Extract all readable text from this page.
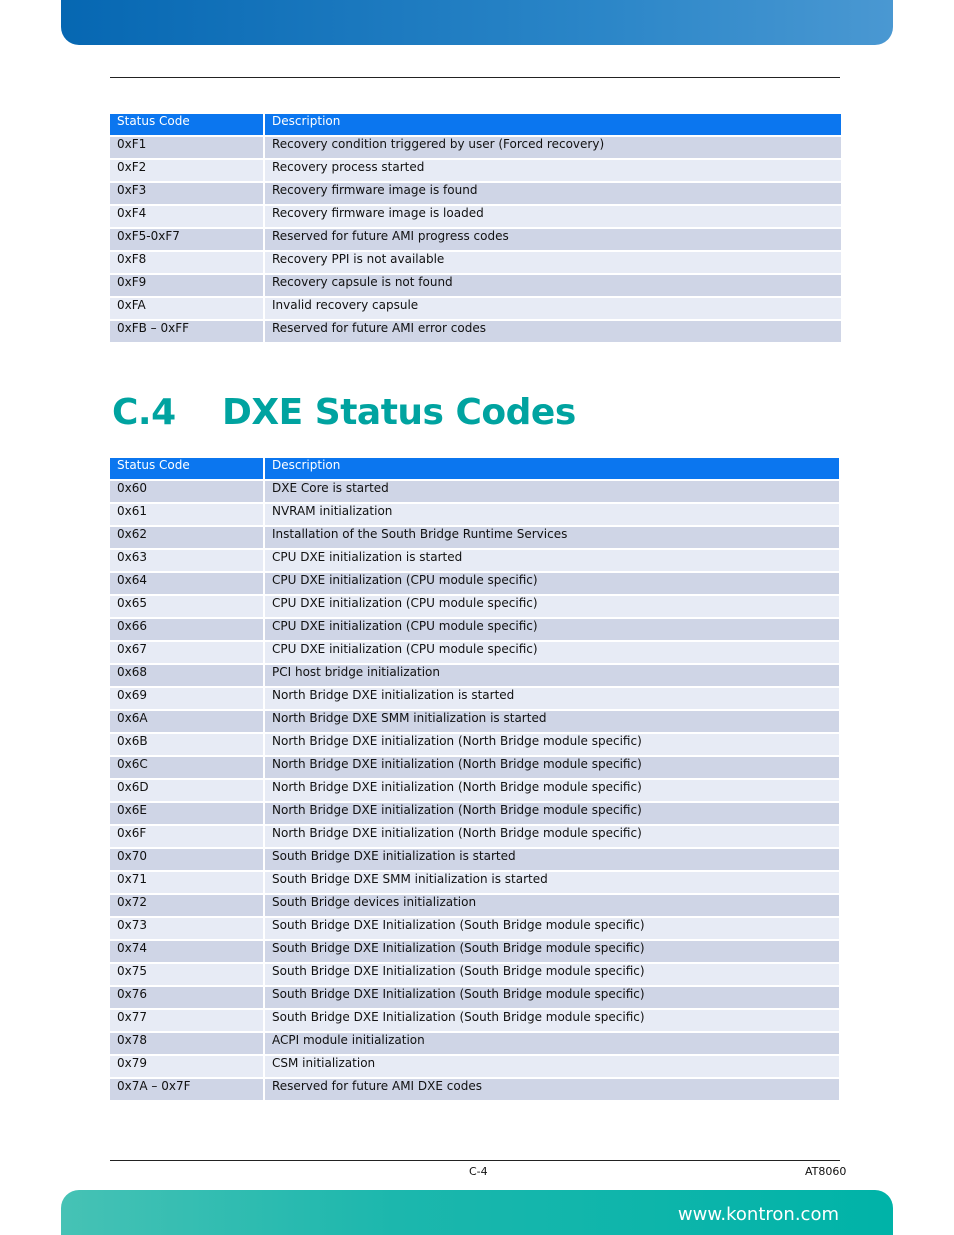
Status Code	Description
0xF1	Recovery condition triggered by user (Forced recovery)
0xF2	Recovery process started
0xF3	Recovery firmware image is found
0xF4	Recovery firmware image is loaded
0xF5-0xF7	Reserved for future AMI progress codes
0xF8	Recovery PPI is not available
0xF9	Recovery capsule is not found
0xFA	Invalid recovery capsule
0xFB – 0xFF	Reserved for future AMI error codes
C.4 DXE Status Codes
Status Code	Description
0x60	DXE Core is started
0x61	NVRAM initialization
0x62	Installation of the South Bridge Runtime Services
0x63	CPU DXE initialization is started
0x64	CPU DXE initialization (CPU module specific)
0x65	CPU DXE initialization (CPU module specific)
0x66	CPU DXE initialization (CPU module specific)
0x67	CPU DXE initialization (CPU module specific)
0x68	PCI host bridge initialization
0x69	North Bridge DXE initialization is started
0x6A	North Bridge DXE SMM initialization is started
0x6B	North Bridge DXE initialization (North Bridge module specific)
0x6C	North Bridge DXE initialization (North Bridge module specific)
0x6D	North Bridge DXE initialization (North Bridge module specific)
0x6E	North Bridge DXE initialization (North Bridge module specific)
0x6F	North Bridge DXE initialization (North Bridge module specific)
0x70	South Bridge DXE initialization is started
0x71	South Bridge DXE SMM initialization is started
0x72	South Bridge devices initialization
0x73	South Bridge DXE Initialization (South Bridge module specific)
0x74	South Bridge DXE Initialization (South Bridge module specific)
0x75	South Bridge DXE Initialization (South Bridge module specific)
0x76	South Bridge DXE Initialization (South Bridge module specific)
0x77	South Bridge DXE Initialization (South Bridge module specific)
0x78	ACPI module initialization
0x79	CSM initialization
0x7A – 0x7F	Reserved for future AMI DXE codes
C-4	AT8060
www.kontron.com
